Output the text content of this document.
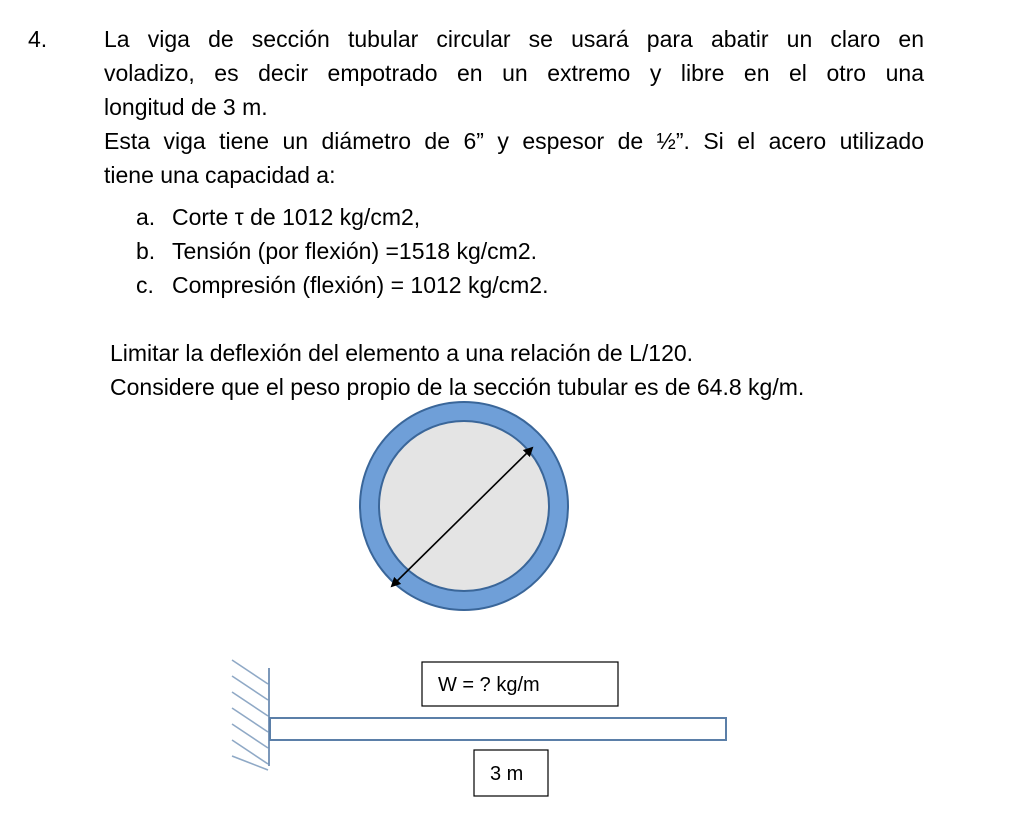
4. La viga de sección tubular circular se usará para abatir un claro en
voladizo, es decir empotrado en un extremo y libre en el otro una
longitud de 3 m.
Esta viga tiene un diámetro de 6” y espesor de ½”. Si el acero utilizado
tiene una capacidad a:
a. Corte τ de 1012 kg/cm2,
b. Tensión (por flexión) =1518 kg/cm2.
c. Compresión (flexión) = 1012 kg/cm2.
Limitar la deflexión del elemento a una relación de L/120.
Considere que el peso propio de la sección tubular es de 64.8 kg/m.
W = ? kg/m
3 m
